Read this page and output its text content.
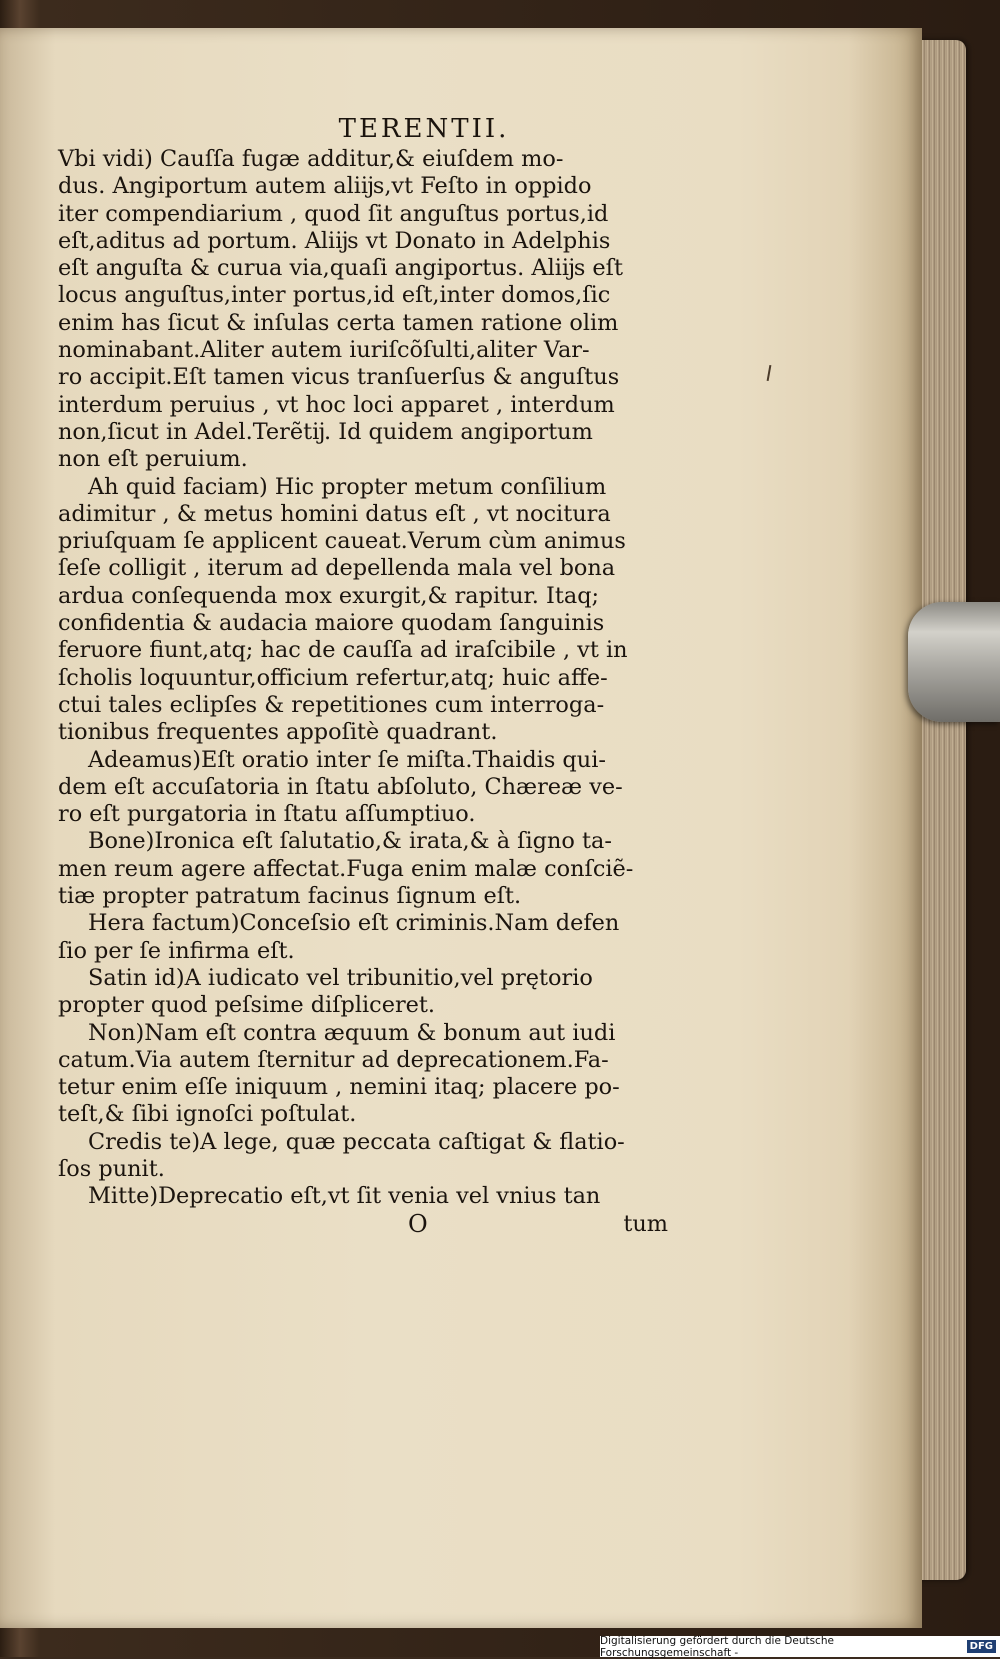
TERENTII.
Vbi vidi) Cauſſa fugæ additur,& eiuſdem mo-
dus. Angiportum autem aliĳs,vt Feſto in oppido
iter compendiarium , quod ſit anguſtus portus,id
eſt,aditus ad portum. Aliĳs vt Donato in Adelphis
eſt anguſta & curua via,quaſi angiportus. Aliĳs eſt
locus anguſtus,inter portus,id eſt,inter domos,ſic
enim has ſicut & inſulas certa tamen ratione olim
nominabant.Aliter autem iuriſcõſulti,aliter Var-
ro accipit.Eſt tamen vicus tranſuerſus & anguſtus
interdum peruius , vt hoc loci apparet , interdum
non,ſicut in Adel.Terẽtĳ. Id quidem angiportum
non eſt peruium.
Ah quid faciam) Hic propter metum conſilium
adimitur , & metus homini datus eſt , vt nocitura
priuſquam ſe applicent caueat.Verum cùm animus
ſeſe colligit , iterum ad depellenda mala vel bona
ardua conſequenda mox exurgit,& rapitur. Itaq;
confidentia & audacia maiore quodam ſanguinis
feruore fiunt,atq; hac de cauſſa ad iraſcibile , vt in
ſcholis loquuntur,officium refertur,atq; huic affe-
ctui tales eclipſes & repetitiones cum interroga-
tionibus frequentes appoſitè quadrant.
Adeamus)Eſt oratio inter ſe miſta.Thaidis qui-
dem eſt accuſatoria in ſtatu abſoluto, Chæreæ ve-
ro eſt purgatoria in ſtatu aſſumptiuo.
Bone)Ironica eſt ſalutatio,& irata,& à ſigno ta-
men reum agere affectat.Fuga enim malæ conſciẽ-
tiæ propter patratum facinus ſignum eſt.
Hera factum)Conceſsio eſt criminis.Nam defen
ſio per ſe infirma eſt.
Satin id)A iudicato vel tribunitio,vel prętorio
propter quod peſsime diſpliceret.
Non)Nam eſt contra æquum & bonum aut iudi
catum.Via autem ſternitur ad deprecationem.Fa-
tetur enim eſſe iniquum , nemini itaq; placere po-
teſt,& ſibi ignoſci poſtulat.
Credis te)A lege, quæ peccata caſtigat & flatio-
ſos punit.
Mitte)Deprecatio eſt,vt ſit venia vel vnius tan
O	tum
Digitalisierung gefördert durch die Deutsche Forschungsgemeinschaft -	DFG
